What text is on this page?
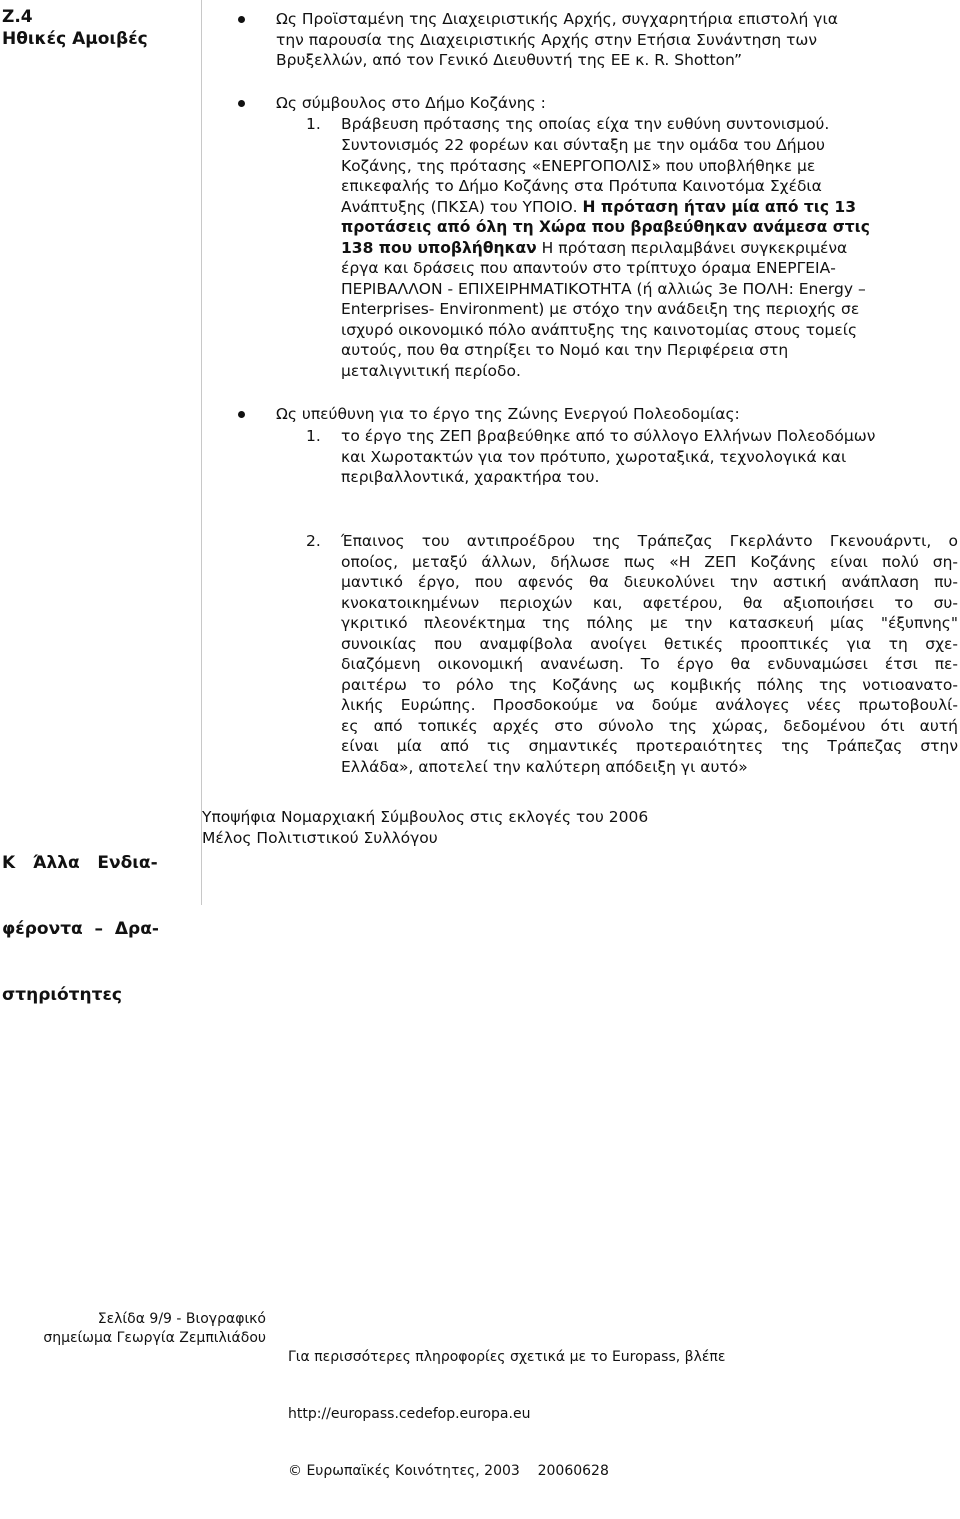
Z.4
Ηθικές Αμοιβές
Ως Προϊσταμένη της Διαχειριστικής Αρχής, συγχαρητήρια επιστολή για
την παρουσία της Διαχειριστικής Αρχής στην Ετήσια Συνάντηση των
Βρυξελλών, από τον Γενικό Διευθυντή της ΕΕ κ. R. Shotton”
Ως σύμβουλος στο Δήμο Κοζάνης :
1. Βράβευση πρότασης της οποίας είχα την ευθύνη συντονισμού.
Συντονισμός 22 φορέων και σύνταξη με την ομάδα του Δήμου
Κοζάνης, της πρότασης «ΕΝΕΡΓΟΠΟΛΙΣ» που υποβλήθηκε με
επικεφαλής το Δήμο Κοζάνης στα Πρότυπα Καινοτόμα Σχέδια
Ανάπτυξης (ΠΚΣΑ) του ΥΠΟΙΟ. Η πρόταση ήταν μία από τις 13
προτάσεις από όλη τη Χώρα που βραβεύθηκαν ανάμεσα στις
138 που υποβλήθηκαν Η πρόταση περιλαμβάνει συγκεκριμένα
έργα και δράσεις που απαντούν στο τρίπτυχο όραμα ΕΝΕΡΓΕΙΑ-
ΠΕΡΙΒΑΛΛΟΝ - ΕΠΙΧΕΙΡΗΜΑΤΙΚΟΤΗΤΑ (ή αλλιώς 3e ΠΟΛΗ: Energy –
Enterprises- Environment) με στόχο την ανάδειξη της περιοχής σε
ισχυρό οικονομικό πόλο ανάπτυξης της καινοτομίας στους τομείς
αυτούς, που θα στηρίξει το Νομό και την Περιφέρεια στη
μεταλιγνιτική περίοδο.
Ως υπεύθυνη για το έργο της Ζώνης Ενεργού Πολεοδομίας:
1. το έργο της ΖΕΠ βραβεύθηκε από το σύλλογο Ελλήνων Πολεοδόμων
και Χωροτακτών για τον πρότυπο, χωροταξικά, τεχνολογικά και
περιβαλλοντικά, χαρακτήρα του.
2. Έπαινος του αντιπροέδρου της Τράπεζας Γκερλάντο Γκενουάρντι, ο
οποίος, μεταξύ άλλων, δήλωσε πως «Η ΖΕΠ Κοζάνης είναι πολύ ση-
μαντικό έργο, που αφενός θα διευκολύνει την αστική ανάπλαση πυ-
κνοκατοικημένων περιοχών και, αφετέρου, θα αξιοποιήσει το συ-
γκριτικό πλεονέκτημα της πόλης με την κατασκευή μίας "έξυπνης"
συνοικίας που αναμφίβολα ανοίγει θετικές προοπτικές για τη σχε-
διαζόμενη οικονομική ανανέωση. Το έργο θα ενδυναμώσει έτσι πε-
ραιτέρω το ρόλο της Κοζάνης ως κομβικής πόλης της νοτιοανατο-
λικής Ευρώπης. Προσδοκούμε να δούμε ανάλογες νέες πρωτοβουλί-
ες από τοπικές αρχές στο σύνολο της χώρας, δεδομένου ότι αυτή
είναι μία από τις σημαντικές προτεραιότητες της Τράπεζας στην
Ελλάδα», αποτελεί την καλύτερη απόδειξη γι αυτό»

Κ   Άλλα   Ενδια-

φέροντα  –  Δρα-

στηριότητες

Υποψήφια Νομαρχιακή Σύμβουλος στις εκλογές του 2006
Μέλος Πολιτιστικού Συλλόγου
Σελίδα 9/9 - Βιογραφικό
σημείωμα Γεωργία Ζεμπιλιάδου

Για περισσότερες πληροφορίες σχετικά με το Europass, βλέπε

http://europass.cedefop.europa.eu

© Ευρωπαϊκές Κοινότητες, 2003    20060628
